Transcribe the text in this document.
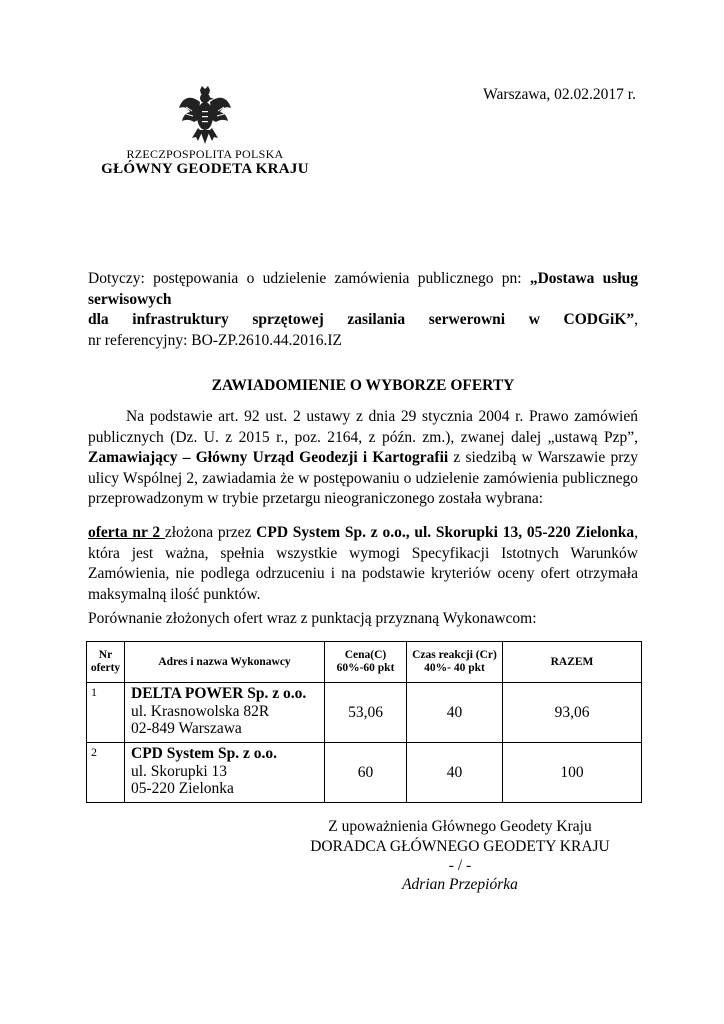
Warszawa, 02.02.2017 r.
RZECZPOSPOLITA POLSKA
GŁÓWNY GEODETA KRAJU
Dotyczy: postępowania o udzielenie zamówienia publicznego pn: „Dostawa usług serwisowych
dla infrastruktury sprzętowej zasilania serwerowni w CODGiK”,
nr referencyjny: BO-ZP.2610.44.2016.IZ
ZAWIADOMIENIE O WYBORZE OFERTY
Na podstawie art. 92 ust. 2 ustawy z dnia 29 stycznia 2004 r. Prawo zamówień publicznych (Dz. U. z 2015 r., poz. 2164, z późn. zm.), zwanej dalej „ustawą Pzp”, Zamawiający – Główny Urząd Geodezji i Kartografii z siedzibą w Warszawie przy ulicy Wspólnej 2, zawiadamia że w postępowaniu o udzielenie zamówienia publicznego przeprowadzonym w trybie przetargu nieograniczonego została wybrana:
oferta nr 2 złożona przez CPD System Sp. z o.o., ul. Skorupki 13, 05-220 Zielonka, która jest ważna, spełnia wszystkie wymogi Specyfikacji Istotnych Warunków Zamówienia, nie podlega odrzuceniu i na podstawie kryteriów oceny ofert otrzymała maksymalną ilość punktów.
Porównanie złożonych ofert wraz z punktacją przyznaną Wykonawcom:
Nr oferty	Adres i nazwa Wykonawcy	Cena(C) 60%-60 pkt	Czas reakcji (Cr) 40%- 40 pkt	RAZEM
1	DELTA POWER Sp. z o.o.
ul. Krasnowolska 82R
02-849 Warszawa	53,06	40	93,06
2	CPD System Sp. z o.o.
ul. Skorupki 13
05-220 Zielonka	60	40	100
Z upoważnienia Głównego Geodety Kraju
DORADCA GŁÓWNEGO GEODETY KRAJU
- / -
Adrian Przepiórka
